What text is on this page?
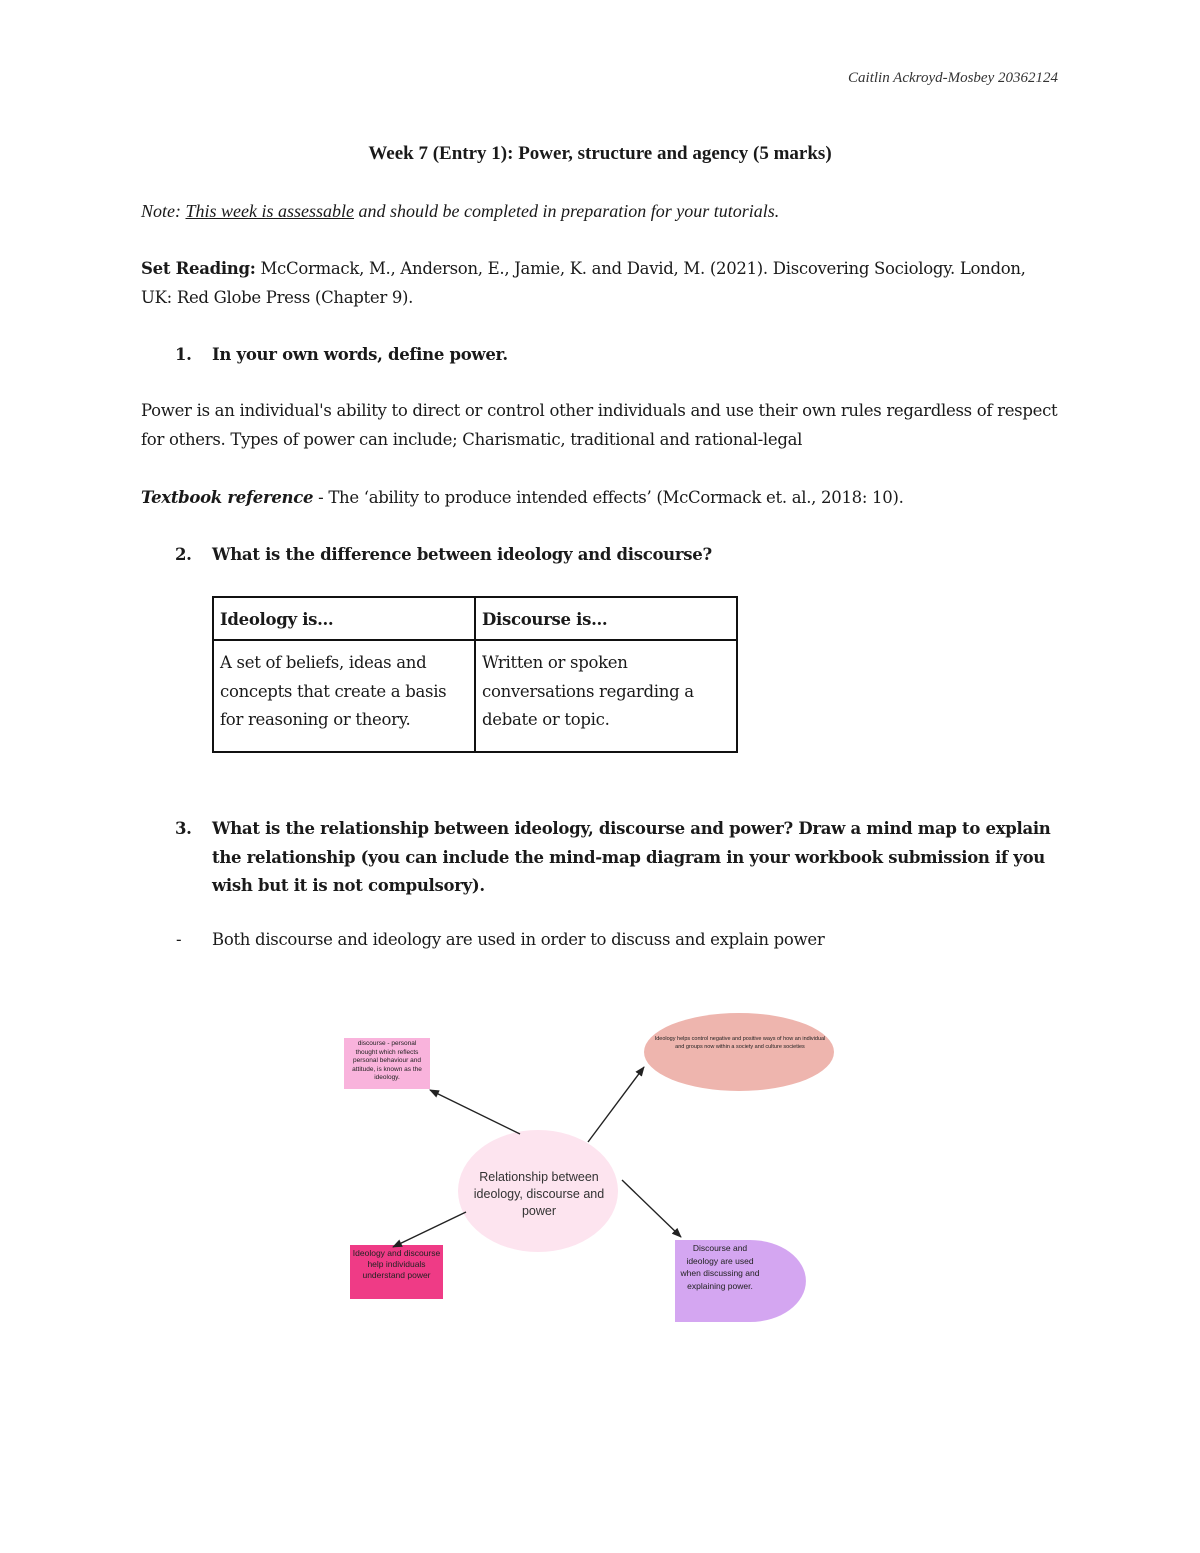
Caitlin Ackroyd-Mosbey 20362124
Week 7 (Entry 1): Power, structure and agency (5 marks)
Note: This week is assessable and should be completed in preparation for your tutorials.
Set Reading: McCormack, M., Anderson, E., Jamie, K. and David, M. (2021). Discovering Sociology. London, UK: Red Globe Press (Chapter 9).
1. In your own words, define power.
Power is an individual's ability to direct or control other individuals and use their own rules regardless of respect for others. Types of power can include; Charismatic, traditional and rational-legal
Textbook reference - The ‘ability to produce intended effects’ (McCormack et. al., 2018: 10).
2. What is the difference between ideology and discourse?
Ideology is…	Discourse is…
A set of beliefs, ideas and concepts that create a basis for reasoning or theory.	Written or spoken conversations regarding a debate or topic.
3. What is the relationship between ideology, discourse and power? Draw a mind map to explain the relationship (you can include the mind-map diagram in your workbook submission if you wish but it is not compulsory).
- Both discourse and ideology are used in order to discuss and explain power
discourse - personal thought which reflects personal behaviour and attitude, is known as the ideology.
Ideology helps control negative and positive ways of how an individual and groups now within a society and culture societies
Relationship between ideology, discourse and power
Ideology and discourse help individuals understand power
Discourse and ideology are used when discussing and explaining power.
